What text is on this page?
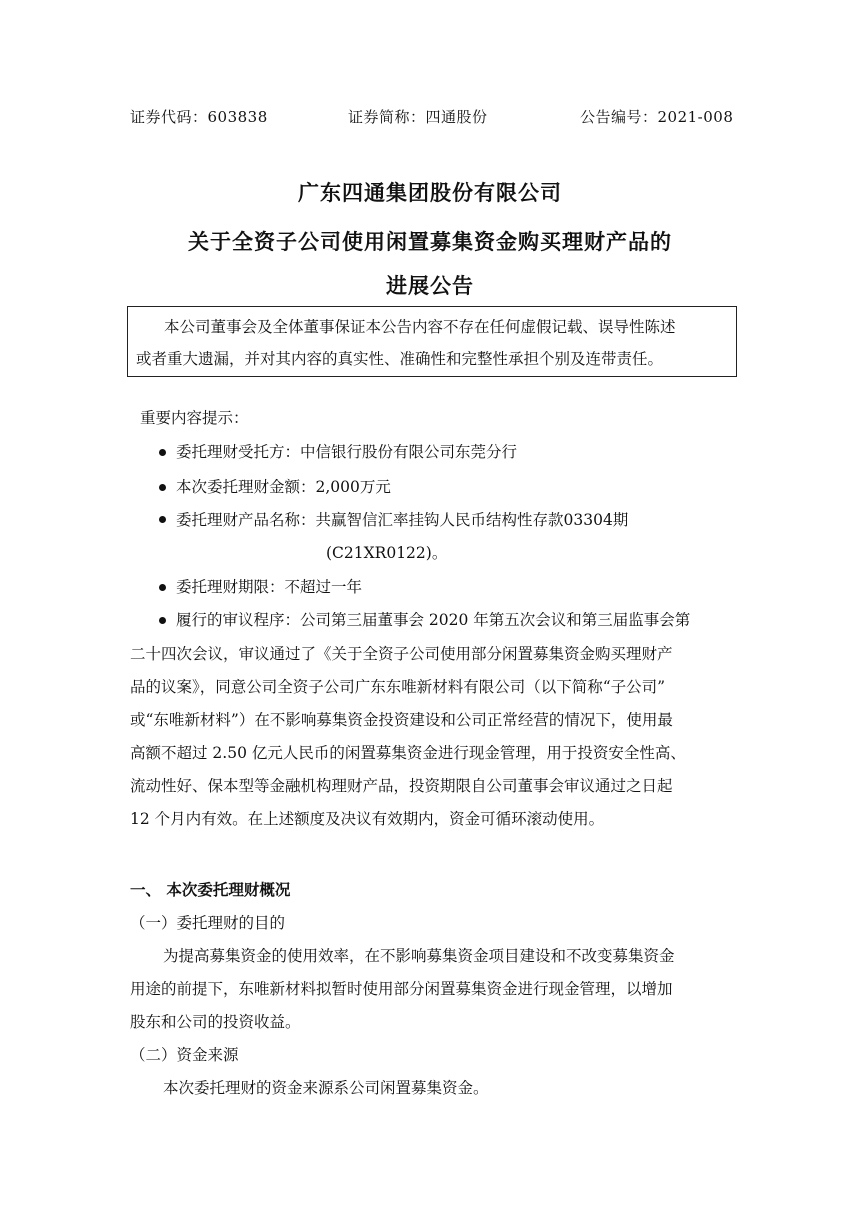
证券代码：603838	证券简称：四通股份	公告编号：2021-008
广东四通集团股份有限公司
关于全资子公司使用闲置募集资金购买理财产品的
进展公告
本公司董事会及全体董事保证本公告内容不存在任何虚假记载、误导性陈述
或者重大遗漏，并对其内容的真实性、准确性和完整性承担个别及连带责任。
重要内容提示：
委托理财受托方：中信银行股份有限公司东莞分行
本次委托理财金额：2,000万元
委托理财产品名称：共赢智信汇率挂钩人民币结构性存款03304期
(C21XR0122)。
委托理财期限：不超过一年
履行的审议程序：公司第三届董事会 2020 年第五次会议和第三届监事会第
二十四次会议，审议通过了《关于全资子公司使用部分闲置募集资金购买理财产
品的议案》，同意公司全资子公司广东东唯新材料有限公司（以下简称“子公司”
或“东唯新材料”）在不影响募集资金投资建设和公司正常经营的情况下，使用最
高额不超过 2.50 亿元人民币的闲置募集资金进行现金管理，用于投资安全性高、
流动性好、保本型等金融机构理财产品，投资期限自公司董事会审议通过之日起
12 个月内有效。在上述额度及决议有效期内，资金可循环滚动使用。
一、 本次委托理财概况
（一）委托理财的目的
为提高募集资金的使用效率，在不影响募集资金项目建设和不改变募集资金
用途的前提下，东唯新材料拟暂时使用部分闲置募集资金进行现金管理，以增加
股东和公司的投资收益。
（二）资金来源
本次委托理财的资金来源系公司闲置募集资金。
